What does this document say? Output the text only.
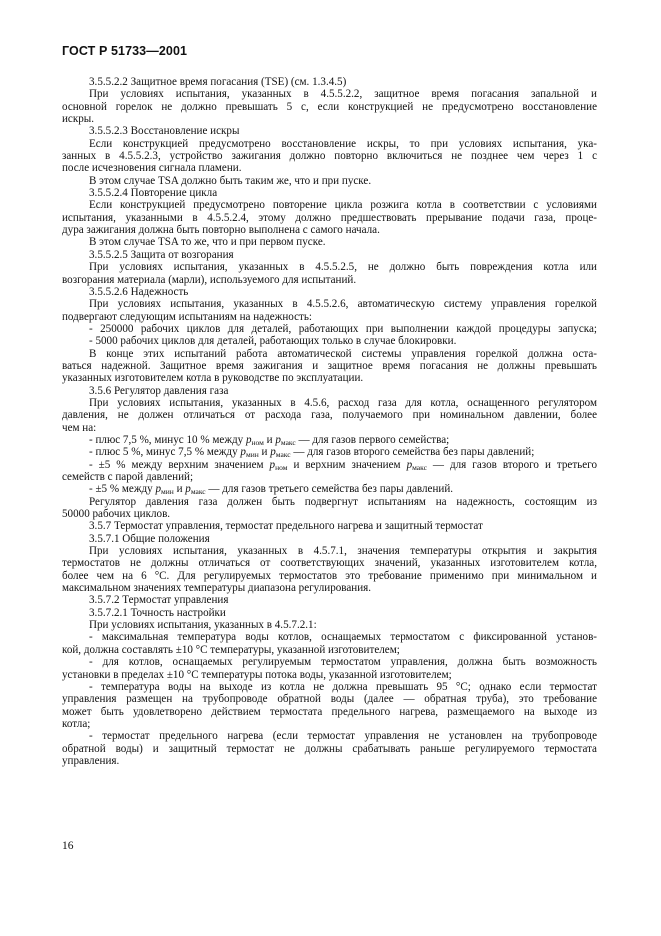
ГОСТ Р 51733—2001
3.5.5.2.2 Защитное время погасания (TSE) (см. 1.3.4.5)
При условиях испытания, указанных в 4.5.5.2.2, защитное время погасания запальной и
основной горелок не должно превышать 5 с, если конструкцией не предусмотрено восстановление
искры.
3.5.5.2.3 Восстановление искры
Если конструкцией предусмотрено восстановление искры, то при условиях испытания, ука-
занных в 4.5.5.2.3, устройство зажигания должно повторно включиться не позднее чем через 1 с
после исчезновения сигнала пламени.
В этом случае TSA должно быть таким же, что и при пуске.
3.5.5.2.4 Повторение цикла
Если конструкцией предусмотрено повторение цикла розжига котла в соответствии с условиями
испытания, указанными в 4.5.5.2.4, этому должно предшествовать прерывание подачи газа, проце-
дура зажигания должна быть повторно выполнена с самого начала.
В этом случае TSA то же, что и при первом пуске.
3.5.5.2.5 Защита от возгорания
При условиях испытания, указанных в 4.5.5.2.5, не должно быть повреждения котла или
возгорания материала (марли), используемого для испытаний.
3.5.5.2.6 Надежность
При условиях испытания, указанных в 4.5.5.2.6, автоматическую систему управления горелкой
подвергают следующим испытаниям на надежность:
- 250000 рабочих циклов для деталей, работающих при выполнении каждой процедуры запуска;
- 5000 рабочих циклов для деталей, работающих только в случае блокировки.
В конце этих испытаний работа автоматической системы управления горелкой должна оста-
ваться надежной. Защитное время зажигания и защитное время погасания не должны превышать
указанных изготовителем котла в руководстве по эксплуатации.
3.5.6 Регулятор давления газа
При условиях испытания, указанных в 4.5.6, расход газа для котла, оснащенного регулятором
давления, не должен отличаться от расхода газа, получаемого при номинальном давлении, более
чем на:
- плюс 7,5 %, минус 10 % между $p_{ном}$ и $p_{макс}$ — для газов первого семейства;
- плюс 5 %, минус 7,5 % между $p_{мин}$ и $p_{макс}$ — для газов второго семейства без пары давлений;
- ±5 % между верхним значением $p_{ном}$ и верхним значением $p_{макс}$ — для газов второго и третьего
семейств с парой давлений;
- ±5 % между $p_{мин}$ и $p_{макс}$ — для газов третьего семейства без пары давлений.
Регулятор давления газа должен быть подвергнут испытаниям на надежность, состоящим из
50000 рабочих циклов.
3.5.7 Термостат управления, термостат предельного нагрева и защитный термостат
3.5.7.1 Общие положения
При условиях испытания, указанных в 4.5.7.1, значения температуры открытия и закрытия
термостатов не должны отличаться от соответствующих значений, указанных изготовителем котла,
более чем на 6 °С. Для регулируемых термостатов это требование применимо при минимальном и
максимальном значениях температуры диапазона регулирования.
3.5.7.2 Термостат управления
3.5.7.2.1 Точность настройки
При условиях испытания, указанных в 4.5.7.2.1:
- максимальная температура воды котлов, оснащаемых термостатом с фиксированной установ-
кой, должна составлять ±10 °С температуры, указанной изготовителем;
- для котлов, оснащаемых регулируемым термостатом управления, должна быть возможность
установки в пределах ±10 °С температуры потока воды, указанной изготовителем;
- температура воды на выходе из котла не должна превышать 95 °С; однако если термостат
управления размещен на трубопроводе обратной воды (далее — обратная труба), это требование
может быть удовлетворено действием термостата предельного нагрева, размещаемого на выходе из
котла;
- термостат предельного нагрева (если термостат управления не установлен на трубопроводе
обратной воды) и защитный термостат не должны срабатывать раньше регулируемого термостата
управления.
16
